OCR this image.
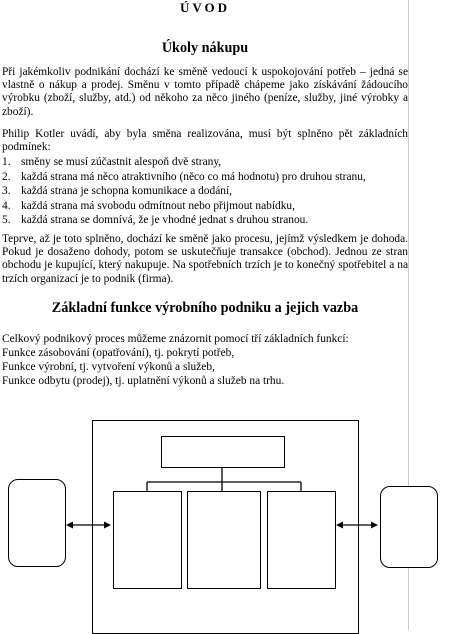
ÚVOD
Úkoly nákupu

Při jakémkoliv podnikání dochází ke směně vedoucí k uspokojování potřeb – jedná se vlastně o nákup a prodej. Směnu v tomto případě chápeme jako získávání žádoucího výrobku (zboží, služby, atd.) od někoho za něco jiného (peníze, služby, jiné výrobky a zboží).

Philip Kotler uvádí, aby byla směna realizována, musí být splněno pět základních podmínek:

1. směny se musí zúčastnit alespoň dvě strany,
2. každá strana má něco atraktivního (něco co má hodnotu) pro druhou stranu,
3. každá strana je schopna komunikace a dodání,
4. každá strana má svobodu odmítnout nebo přijmout nabídku,
5. každá strana se domnívá, že je vhodné jednat s druhou stranou.

Teprve, až je toto splněno, dochází ke směně jako procesu, jejímž výsledkem je dohoda. Pokud je dosaženo dohody, potom se uskutečňuje transakce (obchod). Jednou ze stran obchodu je kupující, který nakupuje. Na spotřebních trzích je to konečný spotřebitel a na trzích organizací je to podnik (firma).

Základní funkce výrobního podniku a jejich vazba
Celkový podnikový proces můžeme znázornit pomocí tří základních funkcí:
Funkce zásobování (opatřování), tj. pokrytí potřeb,
Funkce výrobní, tj. vytvoření výkonů a služeb,
Funkce odbytu (prodej), tj. uplatnění výkonů a služeb na trhu.
